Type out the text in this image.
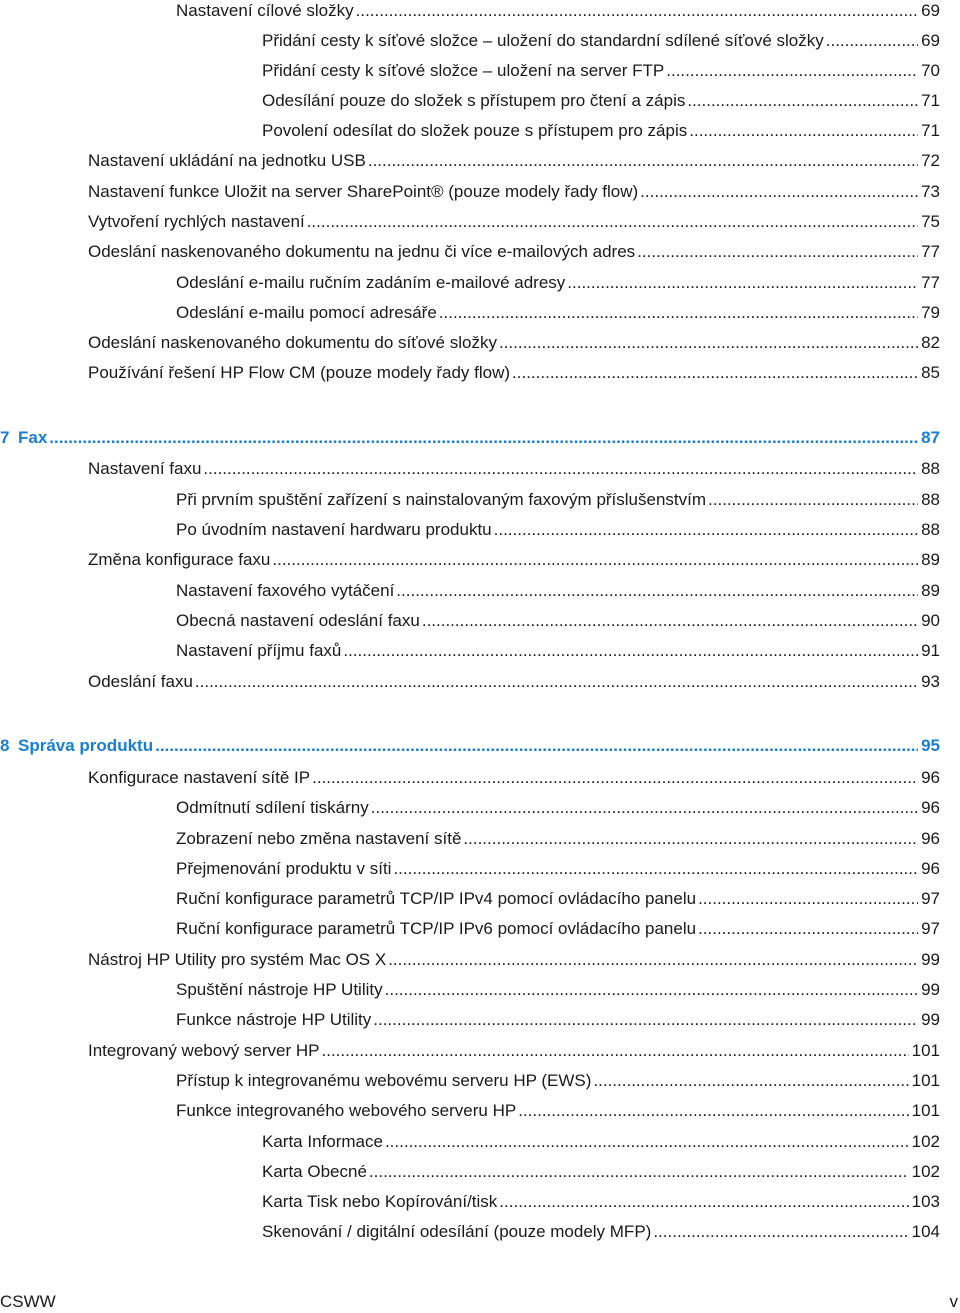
Nastavení cílové složky .....	69
Přidání cesty k síťové složce – uložení do standardní sdílené síťové složky .....	69
Přidání cesty k síťové složce – uložení na server FTP .....	70
Odesílání pouze do složek s přístupem pro čtení a zápis .....	71
Povolení odesílat do složek pouze s přístupem pro zápis .....	71
Nastavení ukládání na jednotku USB .....	72
Nastavení funkce Uložit na server SharePoint® (pouze modely řady flow) .....	73
Vytvoření rychlých nastavení .....	75
Odeslání naskenovaného dokumentu na jednu či více e-mailových adres .....	77
Odeslání e-mailu ručním zadáním e-mailové adresy .....	77
Odeslání e-mailu pomocí adresáře .....	79
Odeslání naskenovaného dokumentu do síťové složky .....	82
Používání řešení HP Flow CM (pouze modely řady flow) .....	85
7 Fax .....	87
Nastavení faxu .....	88
Při prvním spuštění zařízení s nainstalovaným faxovým příslušenstvím .....	88
Po úvodním nastavení hardwaru produktu .....	88
Změna konfigurace faxu .....	89
Nastavení faxového vytáčení .....	89
Obecná nastavení odeslání faxu .....	90
Nastavení příjmu faxů .....	91
Odeslání faxu .....	93
8 Správa produktu .....	95
Konfigurace nastavení sítě IP .....	96
Odmítnutí sdílení tiskárny .....	96
Zobrazení nebo změna nastavení sítě .....	96
Přejmenování produktu v síti .....	96
Ruční konfigurace parametrů TCP/IP IPv4 pomocí ovládacího panelu .....	97
Ruční konfigurace parametrů TCP/IP IPv6 pomocí ovládacího panelu .....	97
Nástroj HP Utility pro systém Mac OS X .....	99
Spuštění nástroje HP Utility .....	99
Funkce nástroje HP Utility .....	99
Integrovaný webový server HP .....	101
Přístup k integrovanému webovému serveru HP (EWS) .....	101
Funkce integrovaného webového serveru HP .....	101
Karta Informace .....	102
Karta Obecné .....	102
Karta Tisk nebo Kopírování/tisk .....	103
Skenování / digitální odesílání (pouze modely MFP) .....	104
CSWW	v
